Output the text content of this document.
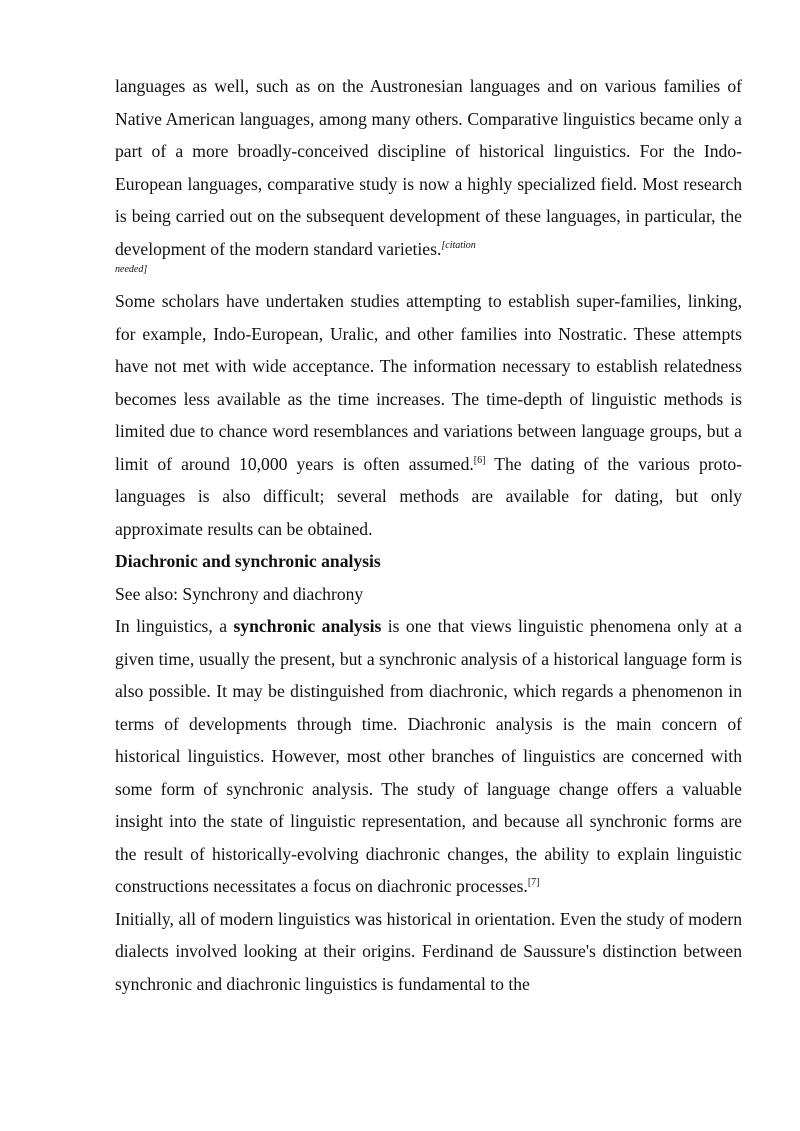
languages as well, such as on the Austronesian languages and on various families of Native American languages, among many others. Comparative linguistics became only a part of a more broadly-conceived discipline of historical linguistics. For the Indo-European languages, comparative study is now a highly specialized field. Most research is being carried out on the subsequent development of these languages, in particular, the development of the modern standard varieties.$^{[citation}$

needed]

Some scholars have undertaken studies attempting to establish super-families, linking, for example, Indo-European, Uralic, and other families into Nostratic. These attempts have not met with wide acceptance. The information necessary to establish relatedness becomes less available as the time increases. The time-depth of linguistic methods is limited due to chance word resemblances and variations between language groups, but a limit of around 10,000 years is often assumed.[6] The dating of the various proto-languages is also difficult; several methods are available for dating, but only approximate results can be obtained.

Diachronic and synchronic analysis

See also: Synchrony and diachrony

In linguistics, a synchronic analysis is one that views linguistic phenomena only at a given time, usually the present, but a synchronic analysis of a historical language form is also possible. It may be distinguished from diachronic, which regards a phenomenon in terms of developments through time. Diachronic analysis is the main concern of historical linguistics. However, most other branches of linguistics are concerned with some form of synchronic analysis. The study of language change offers a valuable insight into the state of linguistic representation, and because all synchronic forms are the result of historically-evolving diachronic changes, the ability to explain linguistic constructions necessitates a focus on diachronic processes.[7]

Initially, all of modern linguistics was historical in orientation. Even the study of modern dialects involved looking at their origins. Ferdinand de Saussure's distinction between synchronic and diachronic linguistics is fundamental to the
